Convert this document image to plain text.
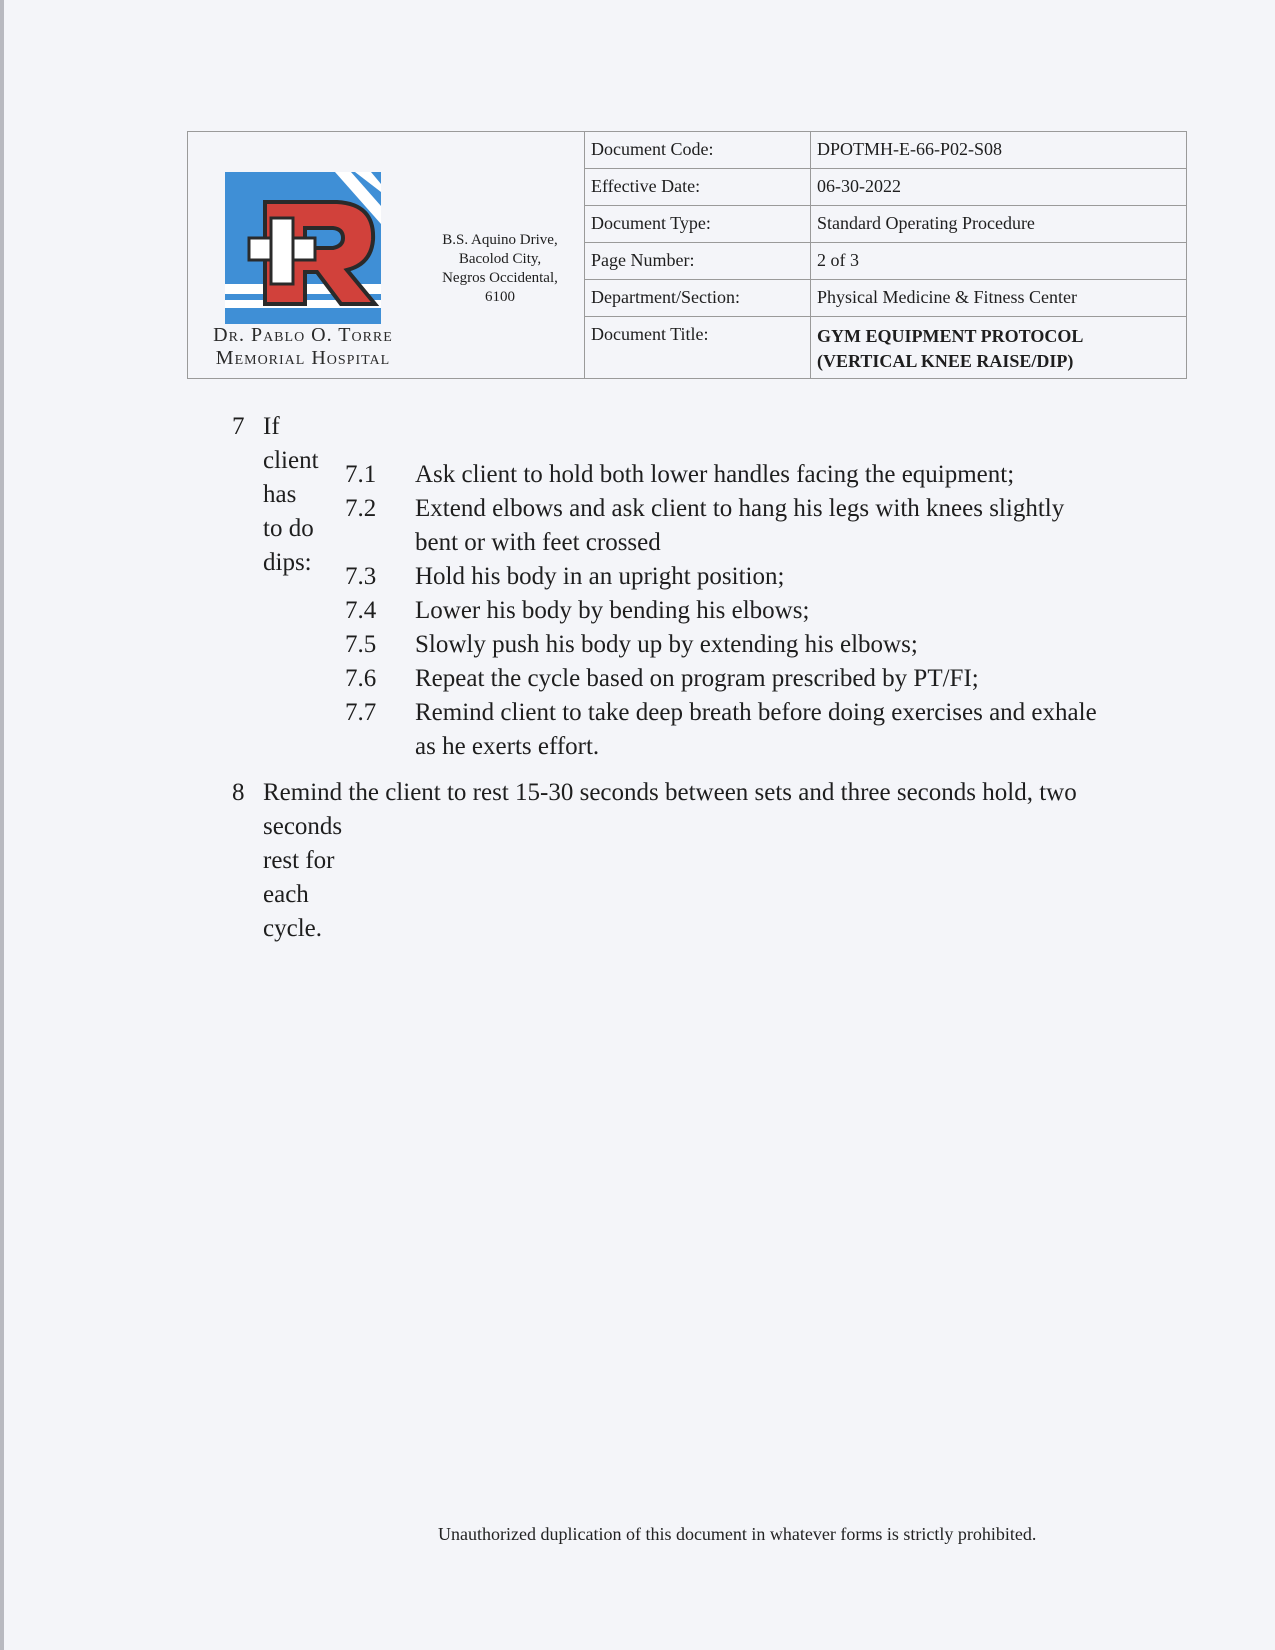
Dr. Pablo O. Torre
Memorial Hospital
B.S. Aquino Drive,
Bacolod City,
Negros Occidental,
6100
Document Code:	DPOTMH-E-66-P02-S08
Effective Date:	06-30-2022
Document Type:	Standard Operating Procedure
Page Number:	2 of 3
Department/Section:	Physical Medicine & Fitness Center
Document Title:	GYM EQUIPMENT PROTOCOL
(VERTICAL KNEE RAISE/DIP)
7 If client has to do dips:
7.1 Ask client to hold both lower handles facing the equipment;
7.2 Extend elbows and ask client to hang his legs with knees slightly
bent or with feet crossed
7.3 Hold his body in an upright position;
7.4 Lower his body by bending his elbows;
7.5 Slowly push his body up by extending his elbows;
7.6 Repeat the cycle based on program prescribed by PT/FI;
7.7 Remind client to take deep breath before doing exercises and exhale
as he exerts effort.
8 Remind the client to rest 15-30 seconds between sets and three seconds hold, two
seconds rest for each cycle.
Unauthorized duplication of this document in whatever forms is strictly prohibited.
